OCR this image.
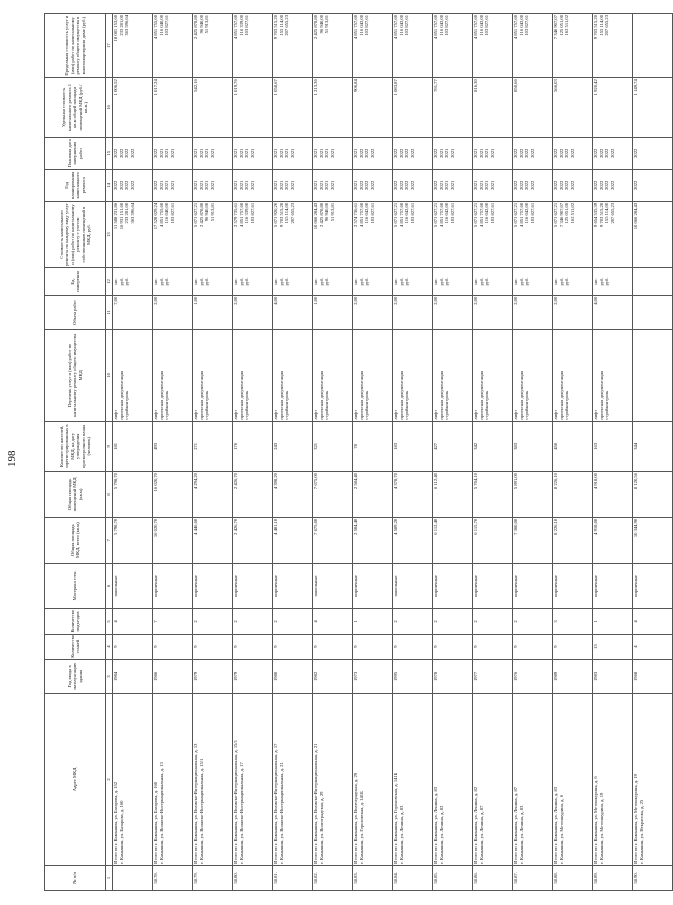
198
№ п/п	Адрес МКД	Год ввода в эксплуатацию здания	Количество этажей	Количество подъездов	Материал стен	Общая площадь МКД, всего (кв.м)	Общая площадь помещений МКД (кв.м)	Количество жителей, зарегистрированных в МКД, на дату утверждения краткосрочного плана (человек)	Перечень услуг и (или) работ по капитальному ремонту общего имущества МКД	Объем работ	Ед. измерения	Стоимость капитального ремонта по каждому виду услуг и (или) работ по капитальному ремонту с учетом собственников помещений в МКД, руб.	Год планирования капитального ремонта	Плановая дата завершения работ	Удельная стоимость капитального ремонта 1 кв.м общей площади помещений МКД (руб./кв.м.)	Предельная стоимость услуг и (или) работ по капитальному ремонту общего имущества в многоквартирном доме (руб.)
1	2	3	4	5	6	7	8	9	10	11	12	13	14	15	16	17

	Итого по г. Камышин, ул. Базарова, д. 152 г. Камышин, ул. Базарова, д. 160	1984	9	4	панельные	5 798,70	5 798,70	181	лифт проектная документация стройконтроль	7,00	шт. руб. руб.	11 588 231,86 16 931 151,60 233 281,00 363 596,64	2022 2022 2022 2022	2022 2022 2022 2022	1 006,52	18 081 153,60 233 281,00 363 596,64

58.78.	Итого по г. Камышин, ул. Базарова, д. 160 г. Камышин, ул. Волжско-Интернациональная, д. 13	1986	9	7	кирпичные	16 020,70	16 020,70	493	лифт проектная документация стройконтроль	2,00	шт. руб. руб.	17 528 029,24 4 851 755,60 116 040,00 103 827,61	2022 2021 2021 2021	2022 2021 2021 2021	1 017,24	4 851 755,60 116 040,00 103 827,61

58.79.	Итого по г. Камышин, ул. Волжско-Интернациональная, д. 13 г. Камышин, ул. Волжско-Интернациональная, д. 15/1	1979	9	2	кирпичные	4 446,60	4 294,20	271	лифт проектная документация стройконтроль	1,00	шт. руб. руб.	5 071 627,21 2 425 878,80 96 940,00 51 913,81	2021 2021 2021 2021	2021 2021 2021 2021	542,16	2 425 878,80 96 940,00 51 913,81

58.80.	Итого по г. Камышин, ул. Волжско-Интернациональная, д. 15/1 г. Камышин, ул. Волжско-Интернациональная, д. 17	1979	9	2	кирпичные	2 426,70	2 426,70	176	лифт проектная документация стройконтроль	2,00	шт. руб. руб.	2 579 735,61 4 851 757,60 116 339,00 103 827,61	2021 2021 2021 2021	2021 2021 2021 2021	1 019,76	4 851 757,60 116 339,00 103 827,61

58.81.	Итого по г. Камышин, ул. Волжско-Интернациональная, д. 17 г. Камышин, ул. Волжско-Интернациональная, д. 21	1980	9	2	кирпичные	4 481,10	4 398,20	243	лифт проектная документация стройконтроль	4,00	шт. руб. руб.	5 071 920,20 9 703 515,20 155 114,00 207 655,23	2021 2021 2021 2021	2021 2021 2021 2021	1 058,67	9 703 515,20 155 114,00 207 655,23

58.82.	Итого по г. Камышин, ул. Волжско-Интернациональная, д. 21 г. Камышин, ул. Волгоградская, д. 29	1982	9	4	панельные	7 675,00	7 675,00	321	лифт проектная документация стройконтроль	1,00	шт. руб. руб.	10 066 284,43 2 425 878,80 96 940,00 51 913,81	2021 2021 2021 2021	2021 2021 2021 2021	1 213,36	2 425 878,80 96 940,00 51 913,81

58.83.	Итого по г. Камышин, ул. Волгоградская, д. 29 г. Камышин, ул. Гороховская, д. 141Б	1973	9	1	кирпичные	2 584,40	2 584,40	78	лифт проектная документация стройконтроль	2,00	шт. руб. руб.	2 574 736,61 4 851 757,60 116 042,00 103 827,61	2021 2022 2022 2022	2021 2022 2022 2022	906,84	4 851 757,60 116 042,00 103 827,61

58.84.	Итого по г. Камышин, ул. Гороховская, д. 141Б г. Камышин, ул. Ленина, д. 83	1995	9	2	панельные	4 589,20	4 378,70	183	лифт проектная документация стройконтроль	2,00	шт. руб. руб.	5 071 627,21 4 851 757,60 116 042,00 103 827,61	2022 2022 2022 2022	2022 2022 2022 2022	1 083,87	4 851 757,60 116 042,00 103 827,61

58.85.	Итого по г. Камышин, ул. Ленина, д. 83 г. Камышин, ул. Ленина, д. 82	1978	9	2	кирпичные	6 112,40	6 112,40	427	лифт проектная документация стройконтроль	2,00	шт. руб. руб.	5 071 627,21 4 851 757,60 116 042,00 103 827,61	2022 2021 2021 2021	2022 2021 2021 2021	761,77	4 851 757,60 116 042,00 103 827,61

58.86.	Итого по г. Камышин, ул. Ленина, д. 82 г. Камышин, ул. Ленина, д. 87	1977	9	2	кирпичные	6 115,70	5 704,10	342	лифт проектная документация стройконтроль	2,00	шт. руб. руб.	5 071 627,21 4 851 757,60 116 042,00 103 827,61	2021 2021 2021 2021	2021 2021 2021 2021	816,30	4 851 757,60 116 042,00 103 827,61

58.87.	Итого по г. Камышин, ул. Ленина, д. 87 г. Камышин, ул. Ленина, д. 83	1976	9	2	кирпичные	7 360,00	5 891,00	383	лифт проектная документация стройконтроль	2,00	шт. руб. руб.	5 071 627,21 4 851 757,60 116 042,00 103 827,61	2022 2022 2022 2022	2022 2022 2022 2022	850,66	4 851 757,60 116 042,00 103 827,61

58.88.	Итого по г. Камышин, ул. Ленина, д. 83 г. Камышин, ул. Метешкуриня, д. 6	1989	9	3	кирпичные	8 226,10	8 226,10	450	лифт проектная документация стройконтроль	2,00	шт. руб. руб.	5 071 627,21 7 346 907,07 125 051,00 162 511,02	2022 2022 2022 2022	2022 2022 2022 2022	566,03	7 346 907,07 125 051,00 162 511,02

58.89.	Итого по г. Камышин, ул. Метешкуриня, д. 6 г. Камышин, ул. Метешкуриня, д. 19	1983	13	1	кирпичные	4 918,00	4 918,00	163	лифт проектная документация стройконтроль	4,00	шт. руб. руб.	9 654 535,39 9 703 515,20 155 114,00 207 655,23	2022 2022 2022 2022	2022 2022 2022 2022	1 920,42	9 703 515,20 155 114,00 207 655,23

58.90.	Итого по г. Камышин, ул. Метешкуриня, д. 19 г. Камышин, ул. Некрасова, д. 25	1968	4	4	кирпичные	10 344,90	8 120,56	344				10 066 284,43	2022	2022	1 149,74	
